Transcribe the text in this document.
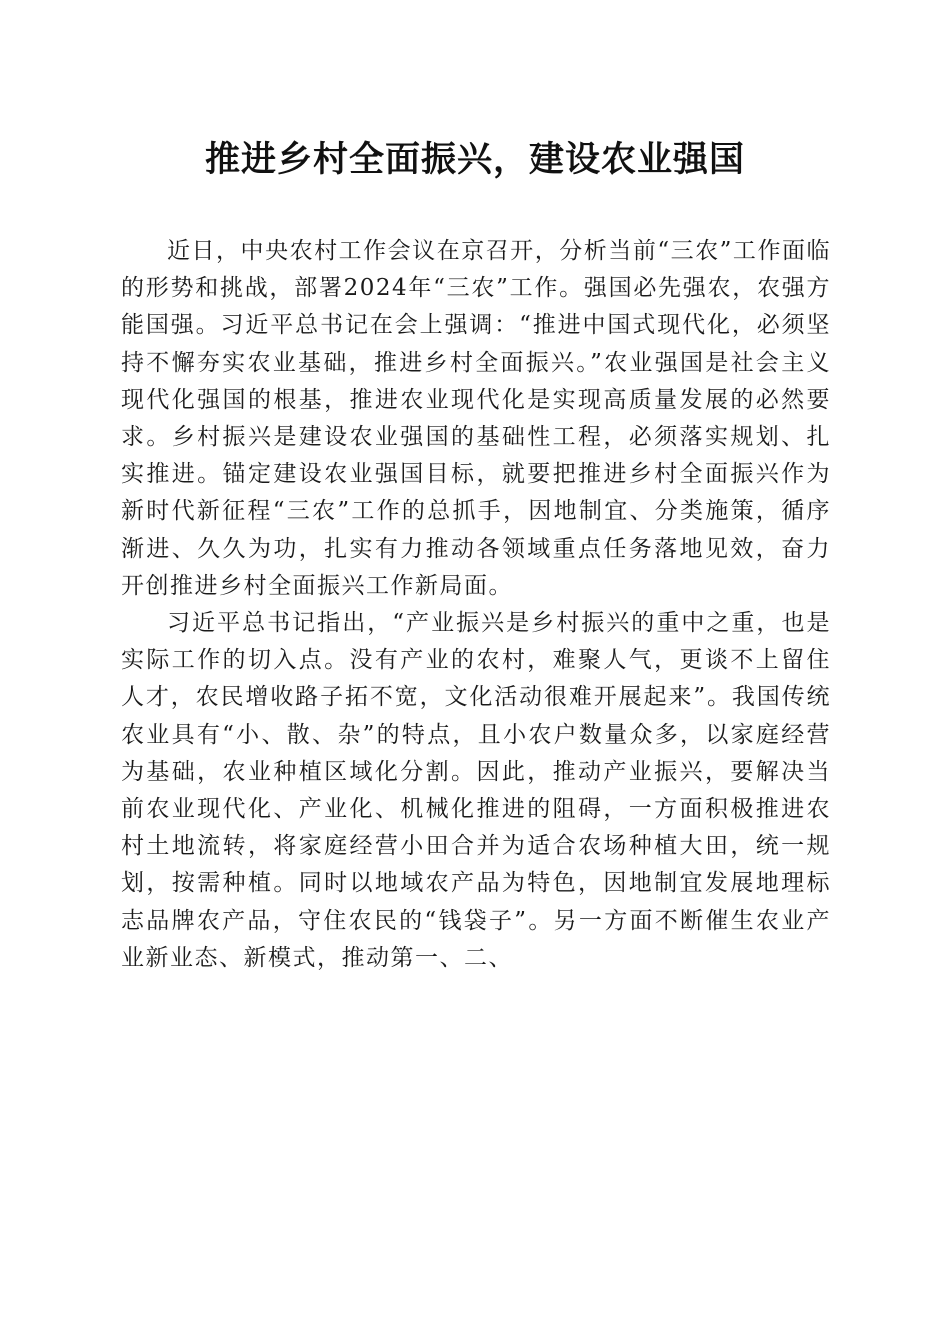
推进乡村全面振兴，建设农业强国

近日，中央农村工作会议在京召开，分析当前“三农”工作面临的形势和挑战，部署2024年“三农”工作。强国必先强农，农强方能国强。习近平总书记在会上强调：“推进中国式现代化，必须坚持不懈夯实农业基础，推进乡村全面振兴。”农业强国是社会主义现代化强国的根基，推进农业现代化是实现高质量发展的必然要求。乡村振兴是建设农业强国的基础性工程，必须落实规划、扎实推进。锚定建设农业强国目标，就要把推进乡村全面振兴作为新时代新征程“三农”工作的总抓手，因地制宜、分类施策，循序渐进、久久为功，扎实有力推动各领域重点任务落地见效，奋力开创推进乡村全面振兴工作新局面。

习近平总书记指出，“产业振兴是乡村振兴的重中之重，也是实际工作的切入点。没有产业的农村，难聚人气，更谈不上留住人才，农民增收路子拓不宽，文化活动很难开展起来”。我国传统农业具有“小、散、杂”的特点，且小农户数量众多，以家庭经营为基础，农业种植区域化分割。因此，推动产业振兴，要解决当前农业现代化、产业化、机械化推进的阻碍，一方面积极推进农村土地流转，将家庭经营小田合并为适合农场种植大田，统一规划，按需种植。同时以地域农产品为特色，因地制宜发展地理标志品牌农产品，守住农民的“钱袋子”。另一方面不断催生农业产业新业态、新模式，推动第一、二、
